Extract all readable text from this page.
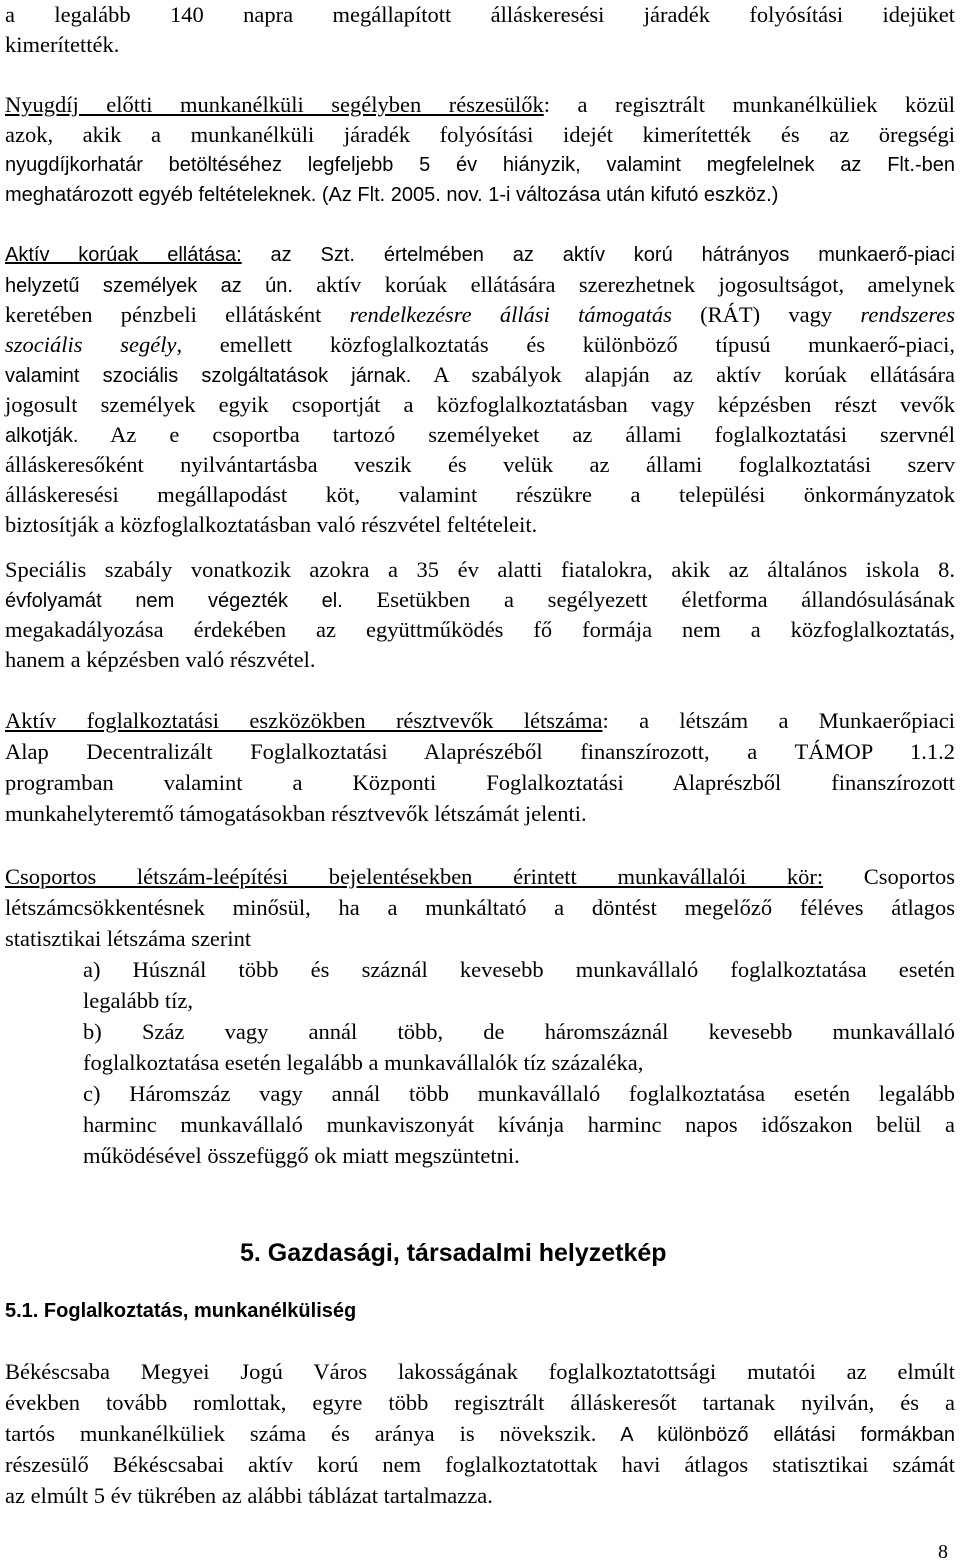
a legalább 140 napra megállapított álláskeresési járadék folyósítási idejüket
kimerítették.
Nyugdíj előtti munkanélküli segélyben részesülők: a regisztrált munkanélküliek közül
azok, akik a munkanélküli járadék folyósítási idejét kimerítették és az öregségi
nyugdíjkorhatár betöltéséhez legfeljebb 5 év hiányzik, valamint megfelelnek az Flt.-ben
meghatározott egyéb feltételeknek. (Az Flt. 2005. nov. 1-i változása után kifutó eszköz.)
Aktív korúak ellátása: az Szt. értelmében az aktív korú hátrányos munkaerő-piaci
helyzetű személyek az ún. aktív korúak ellátására szerezhetnek jogosultságot, amelynek
keretében pénzbeli ellátásként rendelkezésre állási támogatás (RÁT) vagy rendszeres
szociális segély, emellett közfoglalkoztatás és különböző típusú munkaerő-piaci,
valamint szociális szolgáltatások járnak. A szabályok alapján az aktív korúak ellátására
jogosult személyek egyik csoportját a közfoglalkoztatásban vagy képzésben részt vevők
alkotják. Az e csoportba tartozó személyeket az állami foglalkoztatási szervnél
álláskeresőként nyilvántartásba veszik és velük az állami foglalkoztatási szerv
álláskeresési megállapodást köt, valamint részükre a települési önkormányzatok
biztosítják a közfoglalkoztatásban való részvétel feltételeit.
Speciális szabály vonatkozik azokra a 35 év alatti fiatalokra, akik az általános iskola 8.
évfolyamát nem végezték el. Esetükben a segélyezett életforma állandósulásának
megakadályozása érdekében az együttműködés fő formája nem a közfoglalkoztatás,
hanem a képzésben való részvétel.
Aktív foglalkoztatási eszközökben résztvevők létszáma: a létszám a Munkaerőpiaci
Alap Decentralizált Foglalkoztatási Alaprészéből finanszírozott, a TÁMOP 1.1.2
programban valamint a Központi Foglalkoztatási Alaprészből finanszírozott
munkahelyteremtő támogatásokban résztvevők létszámát jelenti.
Csoportos létszám-leépítési bejelentésekben érintett munkavállalói kör: Csoportos
létszámcsökkentésnek minősül, ha a munkáltató a döntést megelőző féléves átlagos
statisztikai létszáma szerint
a) Húsznál több és száznál kevesebb munkavállaló foglalkoztatása esetén
legalább tíz,
b) Száz vagy annál több, de háromszáznál kevesebb munkavállaló
foglalkoztatása esetén legalább a munkavállalók tíz százaléka,
c) Háromszáz vagy annál több munkavállaló foglalkoztatása esetén legalább
harminc munkavállaló munkaviszonyát kívánja harminc napos időszakon belül a
működésével összefüggő ok miatt megszüntetni.
5. Gazdasági, társadalmi helyzetkép
5.1. Foglalkoztatás, munkanélküliség
Békéscsaba Megyei Jogú Város lakosságának foglalkoztatottsági mutatói az elmúlt
években tovább romlottak, egyre több regisztrált álláskeresőt tartanak nyilván, és a
tartós munkanélküliek száma és aránya is növekszik. A különböző ellátási formákban
részesülő Békéscsabai aktív korú nem foglalkoztatottak havi átlagos statisztikai számát
az elmúlt 5 év tükrében az alábbi táblázat tartalmazza.
8
